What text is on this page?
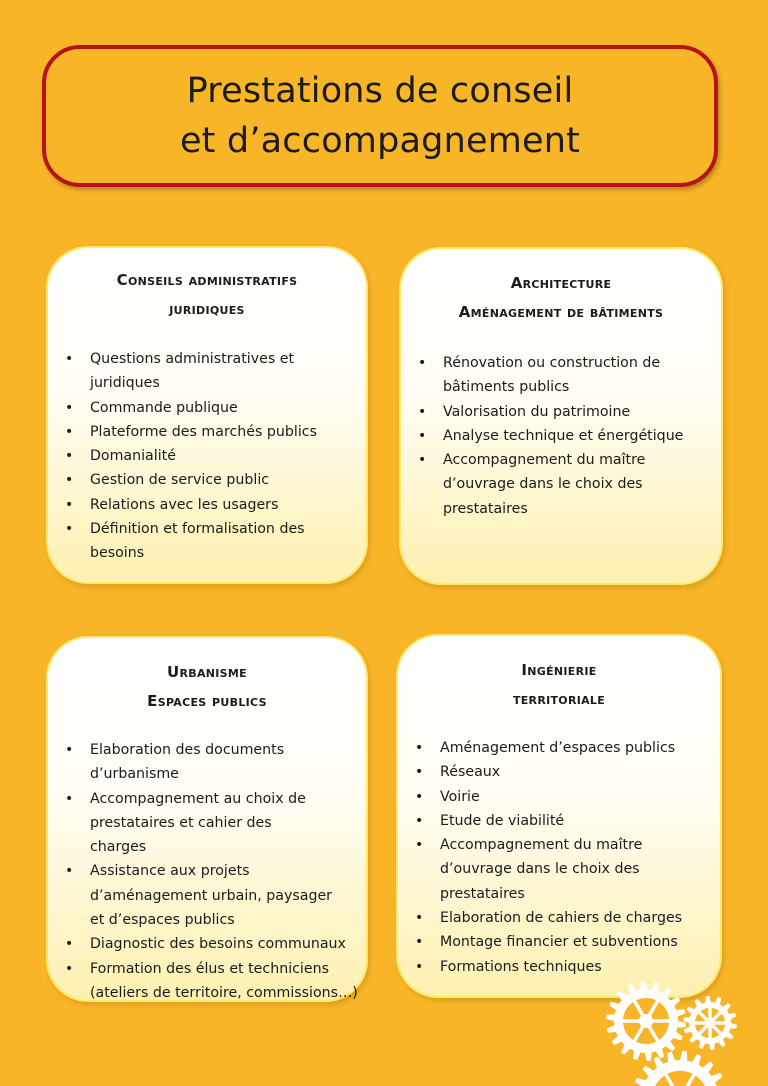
Prestations de conseil
et d’accompagnement
Conseils administratifs
juridiques
• Questions administratives et juridiques
• Commande publique
• Plateforme des marchés publics
• Domanialité
• Gestion de service public
• Relations avec les usagers
• Définition et formalisation des besoins
Architecture
Aménagement de bâtiments
• Rénovation ou construction de bâtiments publics
• Valorisation du patrimoine
• Analyse technique et énergétique
• Accompagnement du maître d’ouvrage dans le choix des prestataires
Urbanisme
Espaces publics
• Elaboration des documents d’urbanisme
• Accompagnement au choix de prestataires et cahier des charges
• Assistance aux projets d’aménagement urbain, paysager et d’espaces publics
• Diagnostic des besoins communaux
• Formation des élus et techniciens (ateliers de territoire, commissions…)
Ingénierie
territoriale
• Aménagement d’espaces publics
• Réseaux
• Voirie
• Etude de viabilité
• Accompagnement du maître d’ouvrage dans le choix des prestataires
• Elaboration de cahiers de charges
• Montage financier et subventions
• Formations techniques
